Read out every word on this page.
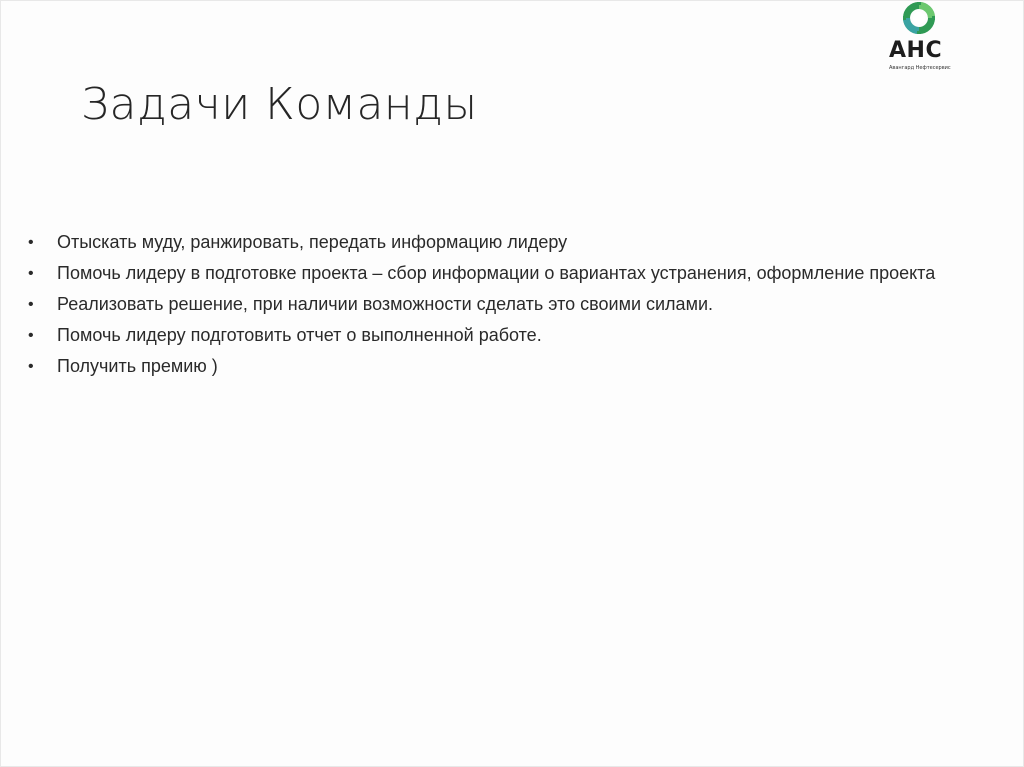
АНС
Авангард Нефтесервис
Задачи Команды
• Отыскать муду, ранжировать, передать информацию лидеру
• Помочь лидеру в подготовке проекта – сбор информации о вариантах устранения, оформление проекта
• Реализовать решение, при наличии возможности сделать это своими силами.
• Помочь лидеру подготовить отчет о выполненной работе.
• Получить премию )
